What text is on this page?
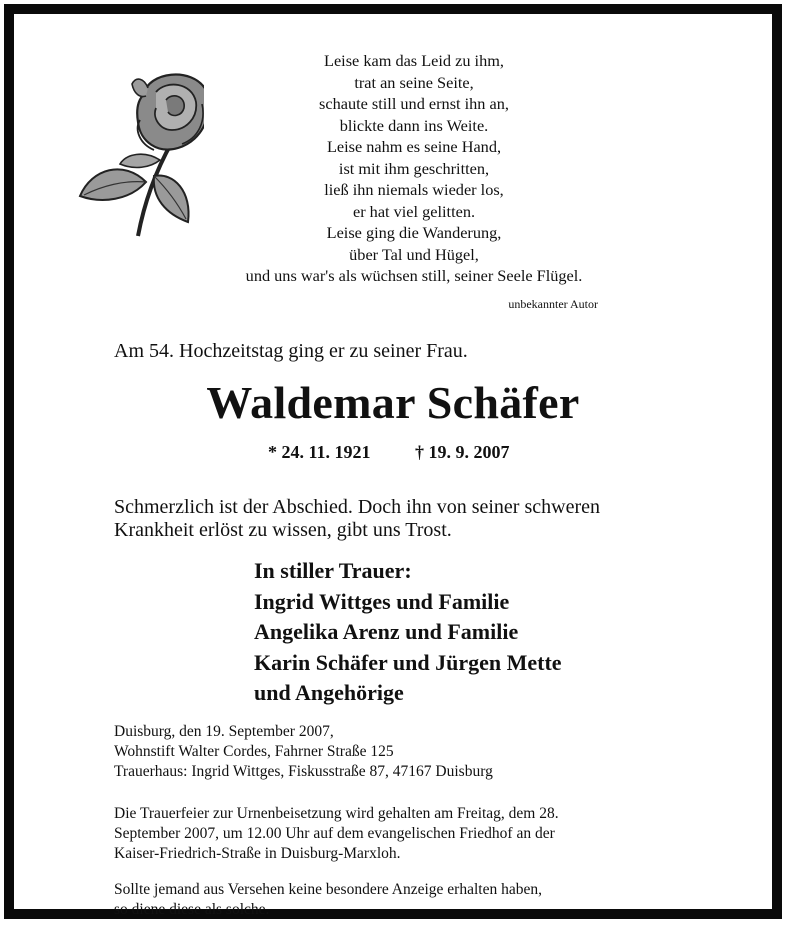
Leise kam das Leid zu ihm,
trat an seine Seite,
schaute still und ernst ihn an,
blickte dann ins Weite.
Leise nahm es seine Hand,
ist mit ihm geschritten,
ließ ihn niemals wieder los,
er hat viel gelitten.
Leise ging die Wanderung,
über Tal und Hügel,
und uns war's als wüchsen still, seiner Seele Flügel.
unbekannter Autor
Am 54. Hochzeitstag ging er zu seiner Frau.
Waldemar Schäfer
* 24. 11. 1921 † 19. 9. 2007
Schmerzlich ist der Abschied. Doch ihn von seiner schweren
Krankheit erlöst zu wissen, gibt uns Trost.
In stiller Trauer:
Ingrid Wittges und Familie
Angelika Arenz und Familie
Karin Schäfer und Jürgen Mette
und Angehörige
Duisburg, den 19. September 2007,
Wohnstift Walter Cordes, Fahrner Straße 125
Trauerhaus: Ingrid Wittges, Fiskusstraße 87, 47167 Duisburg
Die Trauerfeier zur Urnenbeisetzung wird gehalten am Freitag, dem 28.
September 2007, um 12.00 Uhr auf dem evangelischen Friedhof an der
Kaiser-Friedrich-Straße in Duisburg-Marxloh.
Sollte jemand aus Versehen keine besondere Anzeige erhalten haben,
so diene diese als solche.
